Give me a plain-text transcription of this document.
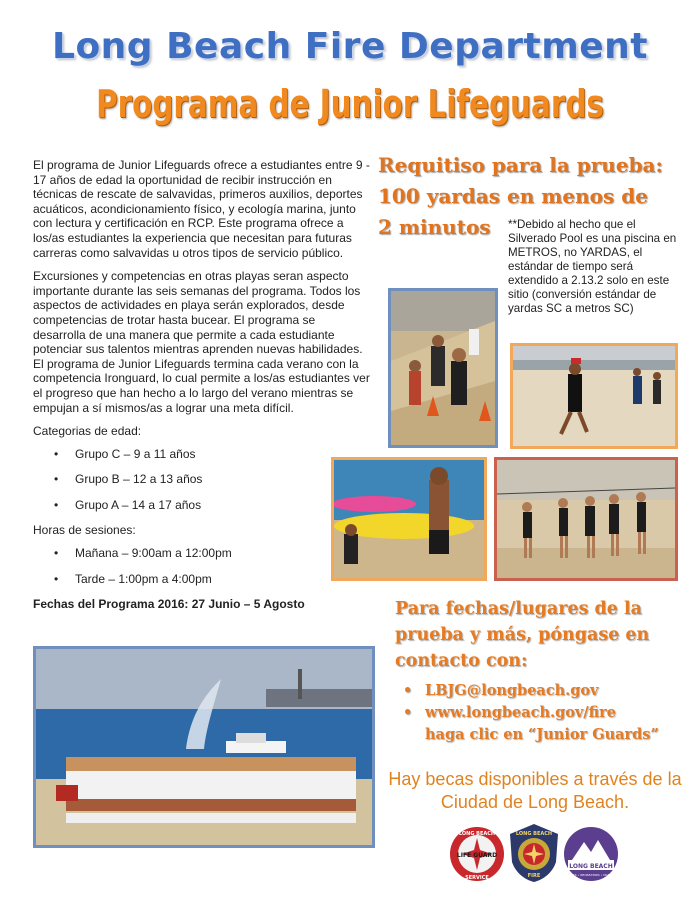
Long Beach Fire Department
Programa de Junior Lifeguards

El programa de Junior Lifeguards ofrece a estudiantes entre 9 - 17 años de edad la oportunidad de recibir instrucción en técnicas de rescate de salvavidas, primeros auxilios, deportes acuáticos, acondicionamiento físico, y ecología marina, junto con lectura y certificación en RCP. Este programa ofrece a los/as estudiantes la experiencia que necesitan para futuras carreras como salvavidas u otros tipos de servicio público.

Excursiones y competencias en otras playas seran aspecto importante durante las seis semanas del programa. Todos los aspectos de actividades en playa serán explorados, desde competencias de trotar hasta bucear. El programa se desarrolla de una manera que permite a cada estudiante potenciar sus talentos mientras aprenden nuevas habilidades. El programa de Junior Lifeguards termina cada verano con la competencia Ironguard, lo cual permite a los/as estudiantes ver el progreso que han hecho a lo largo del verano mientras se empujan a sí mismos/as a lograr una meta difícil.

Categorias de edad:
• Grupo C – 9 a 11 años
• Grupo B – 12 a 13 años
• Grupo A – 14 a 17 años
Horas de sesiones:
• Mañana – 9:00am a 12:00pm
• Tarde – 1:00pm a 4:00pm
Fechas del Programa 2016: 27 Junio – 5 Agosto
Requitiso para la prueba:
100 yardas en menos de
2 minutos	**Debido al hecho que el Silverado Pool es una piscina en METROS, no YARDAS, el estándar de tiempo será extendido a 2.13.2 solo en este sitio (conversión estándar de yardas SC a metros SC)
Para fechas/lugares de la prueba y más, póngase en contacto con:
• LBJG@longbeach.gov
• www.longbeach.gov/fire
haga clic en “Junior Guards”
Hay becas disponibles a través de la Ciudad de Long Beach.
LONG BEACH
LIFE GUARD
SERVICE
LONG BEACH
FIRE
LONG BEACH
PARKS • RECREATION • MARINE
